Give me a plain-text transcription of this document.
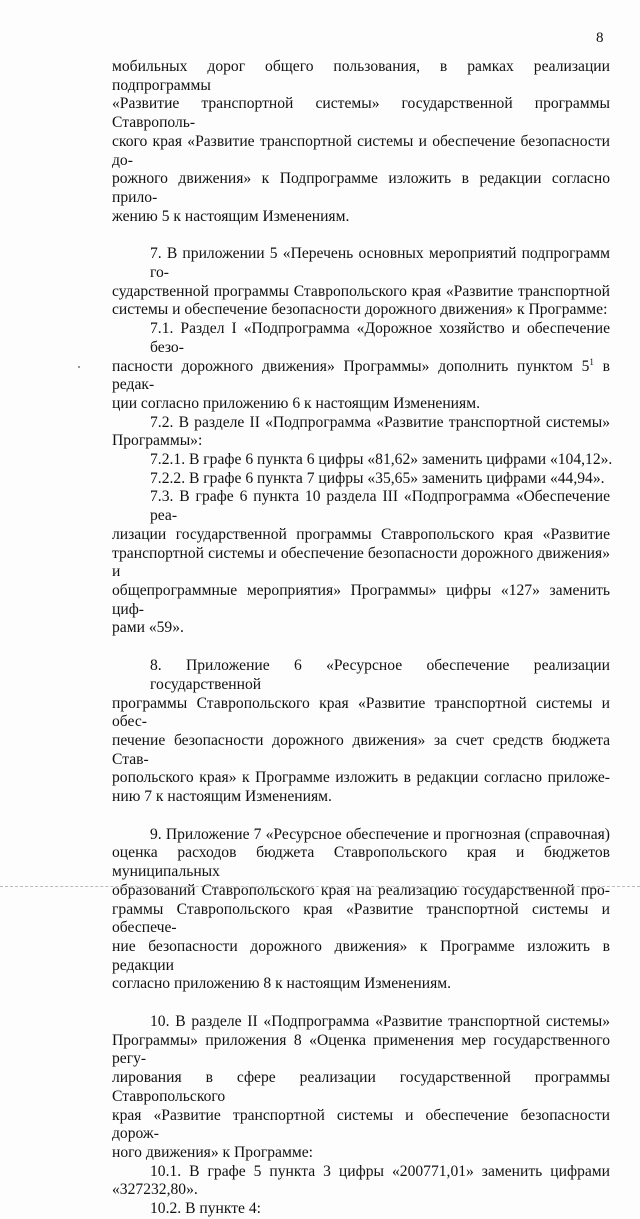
8

мобильных дорог общего пользования, в рамках реализации подпрограммы
«Развитие транспортной системы» государственной программы Ставрополь-
ского края «Развитие транспортной системы и обеспечение безопасности до-
рожного движения» к Подпрограмме изложить в редакции согласно прило-
жению 5 к настоящим Изменениям.

7. В приложении 5 «Перечень основных мероприятий подпрограмм го-
сударственной программы Ставропольского края «Развитие транспортной
системы и обеспечение безопасности дорожного движения» к Программе:

7.1. Раздел I «Подпрограмма «Дорожное хозяйство и обеспечение безо-
пасности дорожного движения» Программы» дополнить пунктом $5^1$ в редак-
ции согласно приложению 6 к настоящим Изменениям.

7.2. В разделе II «Подпрограмма «Развитие транспортной системы»
Программы»:

7.2.1. В графе 6 пункта 6 цифры «81,62» заменить цифрами «104,12».

7.2.2. В графе 6 пункта 7 цифры «35,65» заменить цифрами «44,94».

7.3. В графе 6 пункта 10 раздела III «Подпрограмма «Обеспечение реа-
лизации государственной программы Ставропольского края «Развитие
транспортной системы и обеспечение безопасности дорожного движения» и
общепрограммные мероприятия» Программы» цифры «127» заменить циф-
рами «59».

8. Приложение 6 «Ресурсное обеспечение реализации государственной
программы Ставропольского края «Развитие транспортной системы и обес-
печение безопасности дорожного движения» за счет средств бюджета Став-
ропольского края» к Программе изложить в редакции согласно приложе-
нию 7 к настоящим Изменениям.

9. Приложение 7 «Ресурсное обеспечение и прогнозная (справочная)
оценка расходов бюджета Ставропольского края и бюджетов муниципальных
образований Ставропольского края на реализацию государственной про-
граммы Ставропольского края «Развитие транспортной системы и обеспече-
ние безопасности дорожного движения» к Программе изложить в редакции
согласно приложению 8 к настоящим Изменениям.

10. В разделе II «Подпрограмма «Развитие транспортной системы»
Программы» приложения 8 «Оценка применения мер государственного регу-
лирования в сфере реализации государственной программы Ставропольского
края «Развитие транспортной системы и обеспечение безопасности дорож-
ного движения» к Программе:

10.1. В графе 5 пункта 3 цифры «200771,01» заменить цифрами
«327232,80».

10.2. В пункте 4:
